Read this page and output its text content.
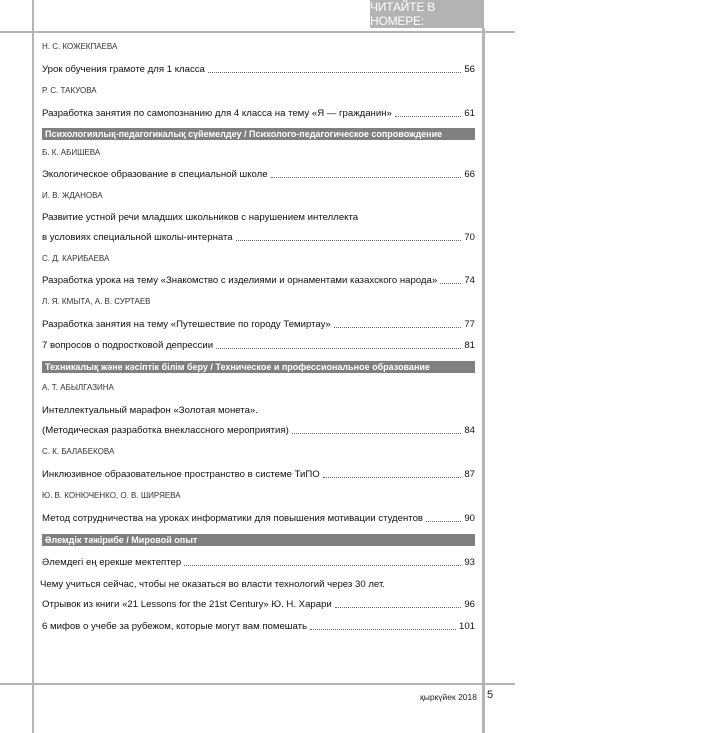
ЧИТАЙТЕ В НОМЕРЕ:
Н. С. КОЖЕКПАЕВА
Урок обучения грамоте для 1 класса	56
Р. С. ТАКУОВА
Разработка занятия по самопознанию для 4 класса на тему «Я — гражданин»	61
Психологиялық-педагогикалық сүйемелдеу / Психолого-педагогическое сопровождение
Б. К. АБИШЕВА
Экологическое образование в специальной школе	66
И. В. ЖДАНОВА
Развитие устной речи младших школьников с нарушением интеллекта
в условиях специальной школы-интерната	70
С. Д. КАРИБАЕВА
Разработка урока на тему «Знакомство с изделиями и орнаментами казахского народа»	74
Л. Я. КМЫТА, А. В. СУРТАЕВ
Разработка занятия на тему «Путешествие по городу Темиртау»	77
7 вопросов о подростковой депрессии	81
Техникалық және кәсіптік білім беру / Техническое и профессиональное образование
А. Т. АБЫЛГАЗИНА
Интеллектуальный марафон «Золотая монета».
(Методическая разработка внеклассного мероприятия)	84
С. К. БАЛАБЕКОВА
Инклюзивное образовательное пространство в системе ТиПО	87
Ю. В. КОНЮЧЕНКО, О. В. ШИРЯЕВА
Метод сотрудничества на уроках информатики для повышения мотивации студентов	90
Әлемдік тәжірибе / Мировой опыт
Әлемдегі ең ерекше мектептер	93
Чему учиться сейчас, чтобы не оказаться во власти технологий через 30 лет.
Отрывок из книги «21 Lessons for the 21st Century» Ю. Н. Харари	96
6 мифов о учебе за рубежом, которые могут вам помешать	101
қыркүйек 2018 5
